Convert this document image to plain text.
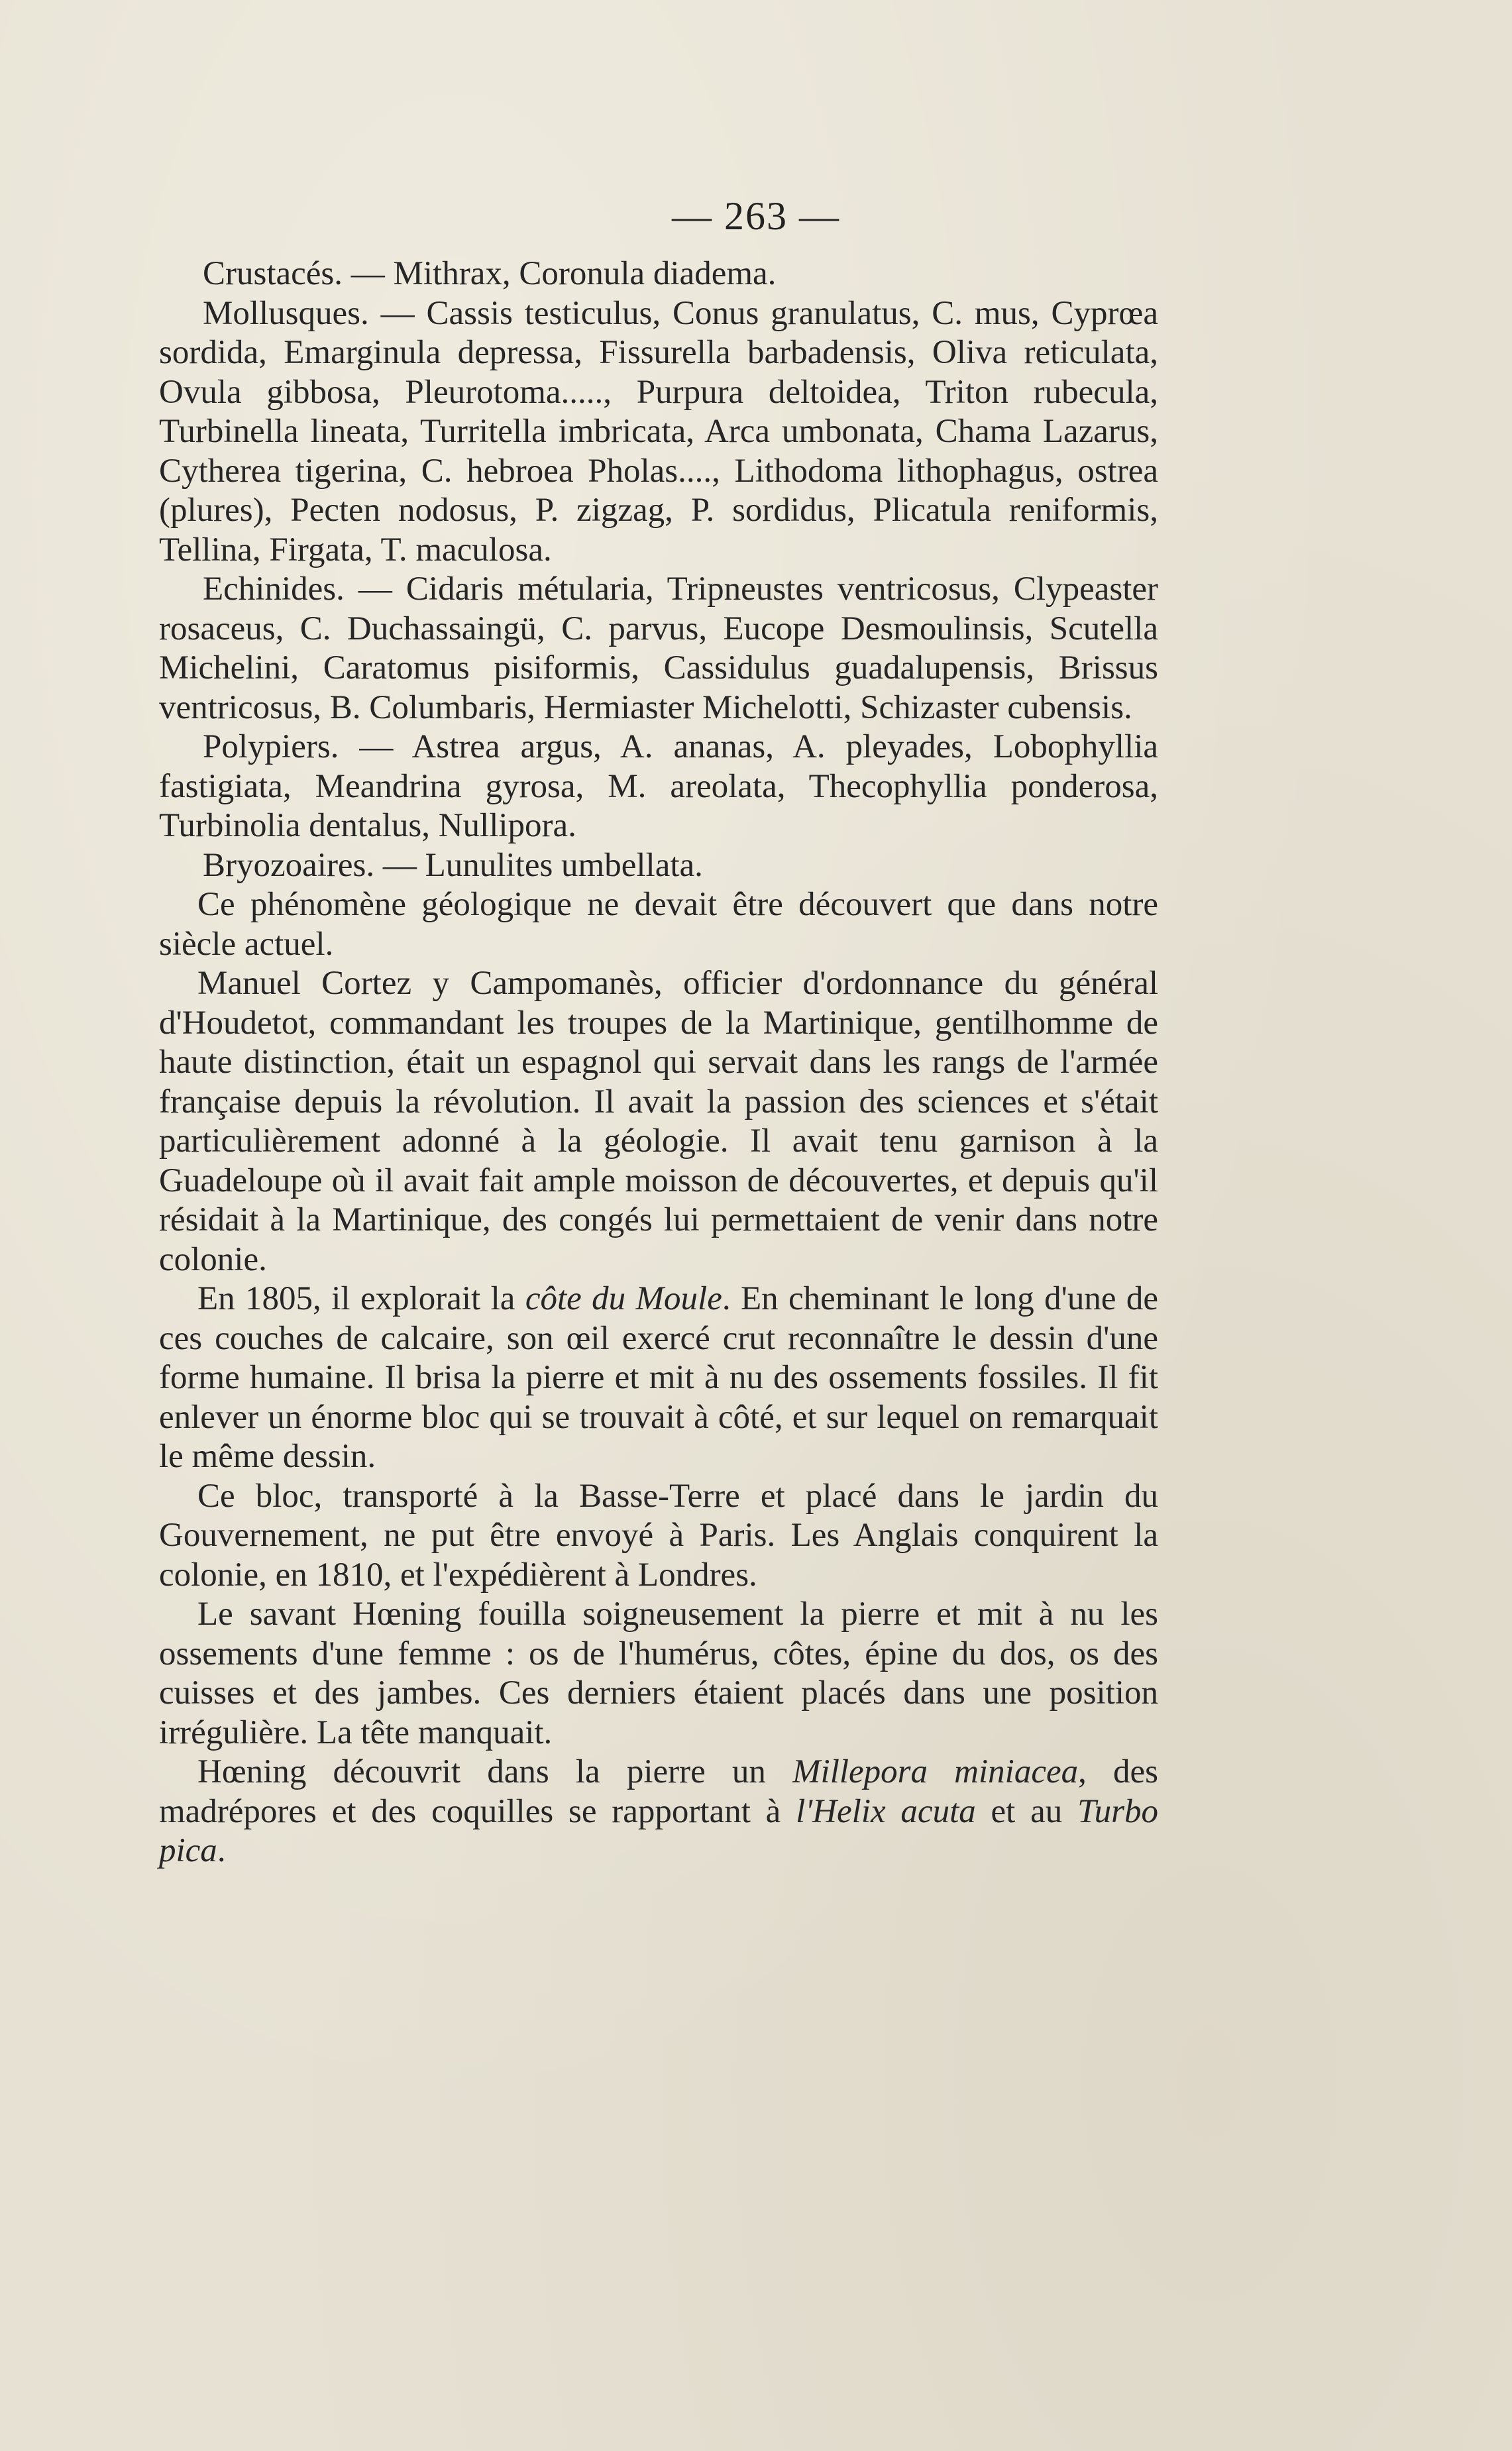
— 263 —

Crustacés. — Mithrax, Coronula diadema.

Mollusques. — Cassis testiculus, Conus granulatus, C. mus, Cyprœa sordida, Emarginula depressa, Fissurella barbadensis, Oliva reticulata, Ovula gibbosa, Pleurotoma....., Purpura deltoidea, Triton rubecula, Turbinella lineata, Turritella imbricata, Arca umbonata, Chama Lazarus, Cytherea tigerina, C. hebroea Pholas...., Lithodoma lithophagus, ostrea (plures), Pecten nodosus, P. zigzag, P. sordidus, Plicatula reniformis, Tellina, Firgata, T. maculosa.

Echinides. — Cidaris métularia, Tripneustes ventricosus, Clypeaster rosaceus, C. Duchassaingü, C. parvus, Eucope Desmoulinsis, Scutella Michelini, Caratomus pisiformis, Cassidulus guadalupensis, Brissus ventricosus, B. Columbaris, Hermiaster Michelotti, Schizaster cubensis.

Polypiers. — Astrea argus, A. ananas, A. pleyades, Lobophyllia fastigiata, Meandrina gyrosa, M. areolata, Thecophyllia ponderosa, Turbinolia dentalus, Nullipora.

Bryozoaires. — Lunulites umbellata.

Ce phénomène géologique ne devait être découvert que dans notre siècle actuel.

Manuel Cortez y Campomanès, officier d'ordonnance du général d'Houdetot, commandant les troupes de la Martinique, gentilhomme de haute distinction, était un espagnol qui servait dans les rangs de l'armée française depuis la révolution. Il avait la passion des sciences et s'était particulièrement adonné à la géologie. Il avait tenu garnison à la Guadeloupe où il avait fait ample moisson de découvertes, et depuis qu'il résidait à la Martinique, des congés lui permettaient de venir dans notre colonie.

En 1805, il explorait la côte du Moule. En cheminant le long d'une de ces couches de calcaire, son œil exercé crut reconnaître le dessin d'une forme humaine. Il brisa la pierre et mit à nu des ossements fossiles. Il fit enlever un énorme bloc qui se trouvait à côté, et sur lequel on remarquait le même dessin.

Ce bloc, transporté à la Basse-Terre et placé dans le jardin du Gouvernement, ne put être envoyé à Paris. Les Anglais conquirent la colonie, en 1810, et l'expédièrent à Londres.

Le savant Hœning fouilla soigneusement la pierre et mit à nu les ossements d'une femme : os de l'humérus, côtes, épine du dos, os des cuisses et des jambes. Ces derniers étaient placés dans une position irrégulière. La tête manquait.

Hœning découvrit dans la pierre un Millepora miniacea, des madrépores et des coquilles se rapportant à l'Helix acuta et au Turbo pica.
